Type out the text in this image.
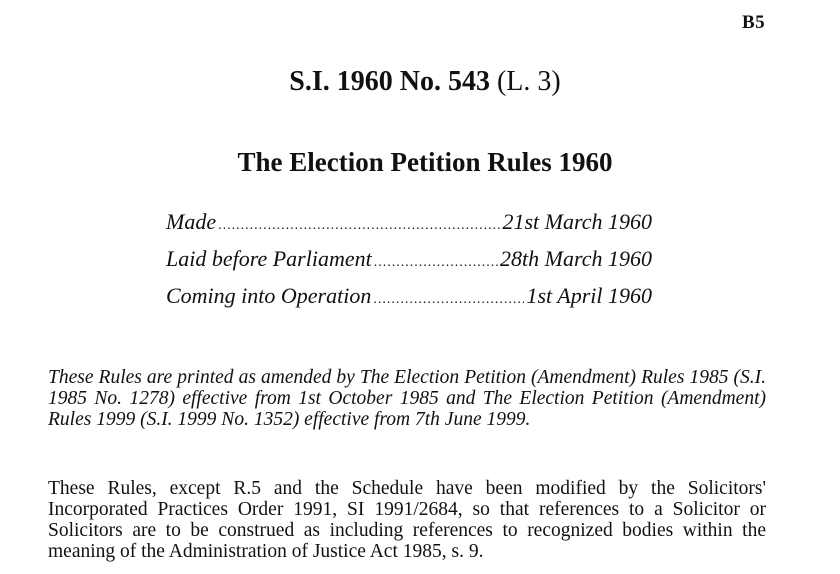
B5
S.I. 1960 No. 543 (L. 3)
The Election Petition Rules 1960
Made .....	21st March 1960
Laid before Parliament .....	28th March 1960
Coming into Operation .....	1st April 1960

These Rules are printed as amended by The Election Petition (Amendment) Rules 1985 (S.I. 1985 No. 1278) effective from 1st October 1985 and The Election Petition (Amendment) Rules 1999 (S.I. 1999 No. 1352) effective from 7th June 1999.

These Rules, except R.5 and the Schedule have been modified by the Solicitors' Incorporated Practices Order 1991, SI 1991/2684, so that references to a Solicitor or Solicitors are to be construed as including references to recognized bodies within the meaning of the Administration of Justice Act 1985, s. 9.
